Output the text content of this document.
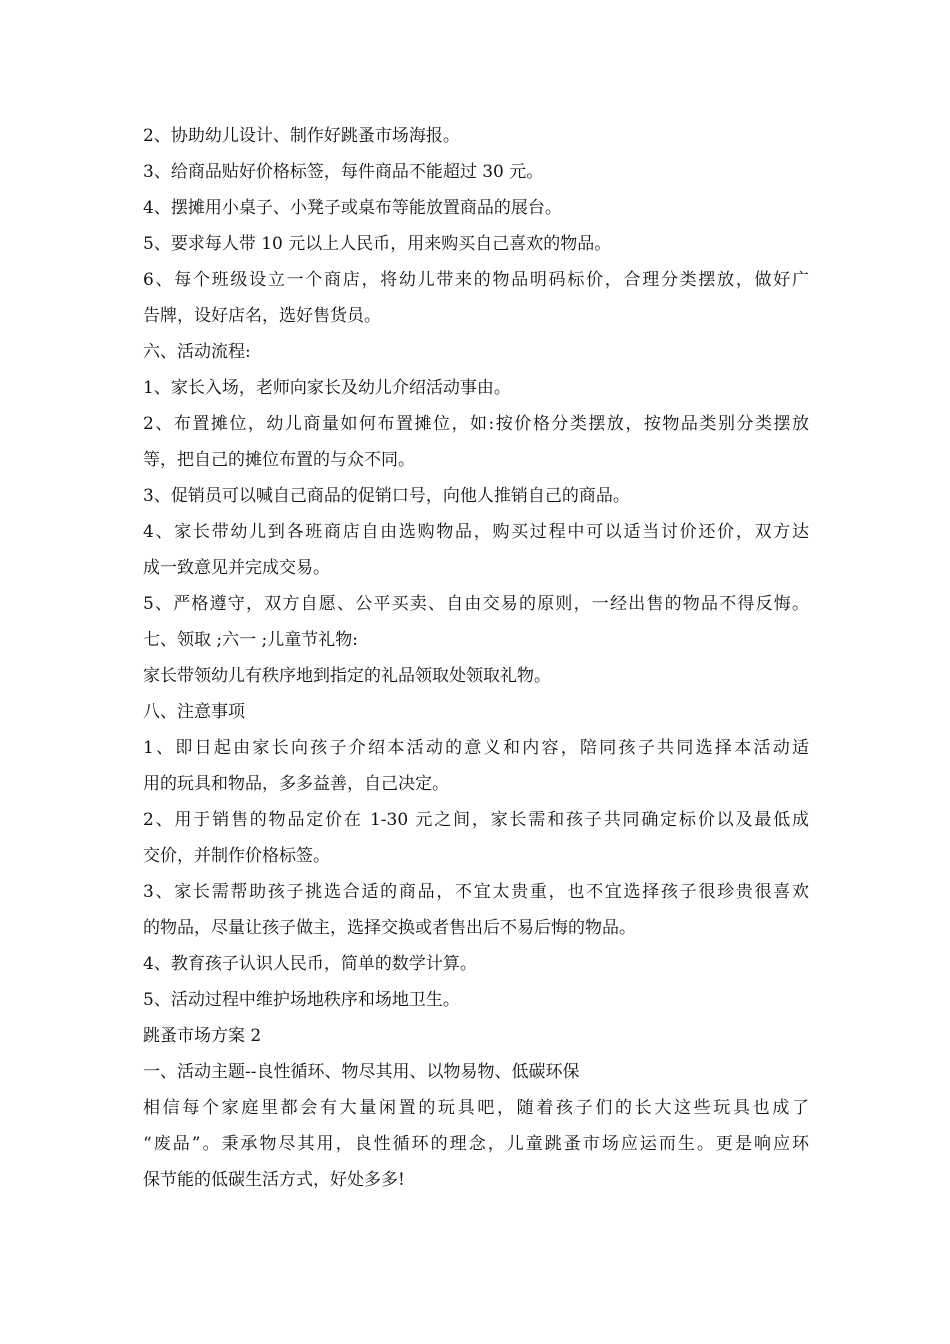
2、协助幼儿设计、制作好跳蚤市场海报。
3、给商品贴好价格标签，每件商品不能超过 30 元。
4、摆摊用小桌子、小凳子或桌布等能放置商品的展台。
5、要求每人带 10 元以上人民币，用来购买自己喜欢的物品。
6、每个班级设立一个商店，将幼儿带来的物品明码标价，合理分类摆放，做好广
告牌，设好店名，选好售货员。
六、活动流程:
1、家长入场，老师向家长及幼儿介绍活动事由。
2、布置摊位，幼儿商量如何布置摊位，如:按价格分类摆放，按物品类别分类摆放
等，把自己的摊位布置的与众不同。
3、促销员可以喊自己商品的促销口号，向他人推销自己的商品。
4、家长带幼儿到各班商店自由选购物品，购买过程中可以适当讨价还价，双方达
成一致意见并完成交易。
5、严格遵守，双方自愿、公平买卖、自由交易的原则，一经出售的物品不得反悔。
七、领取 ;六一 ;儿童节礼物:
家长带领幼儿有秩序地到指定的礼品领取处领取礼物。
八、注意事项
1、即日起由家长向孩子介绍本活动的意义和内容，陪同孩子共同选择本活动适
用的玩具和物品，多多益善，自己决定。
2、用于销售的物品定价在 1-30 元之间，家长需和孩子共同确定标价以及最低成
交价，并制作价格标签。
3、家长需帮助孩子挑选合适的商品，不宜太贵重，也不宜选择孩子很珍贵很喜欢
的物品，尽量让孩子做主，选择交换或者售出后不易后悔的物品。
4、教育孩子认识人民币，简单的数学计算。
5、活动过程中维护场地秩序和场地卫生。
跳蚤市场方案 2
一、活动主题--良性循环、物尽其用、以物易物、低碳环保
相信每个家庭里都会有大量闲置的玩具吧，随着孩子们的长大这些玩具也成了
“废品”。秉承物尽其用，良性循环的理念，儿童跳蚤市场应运而生。更是响应环
保节能的低碳生活方式，好处多多!
